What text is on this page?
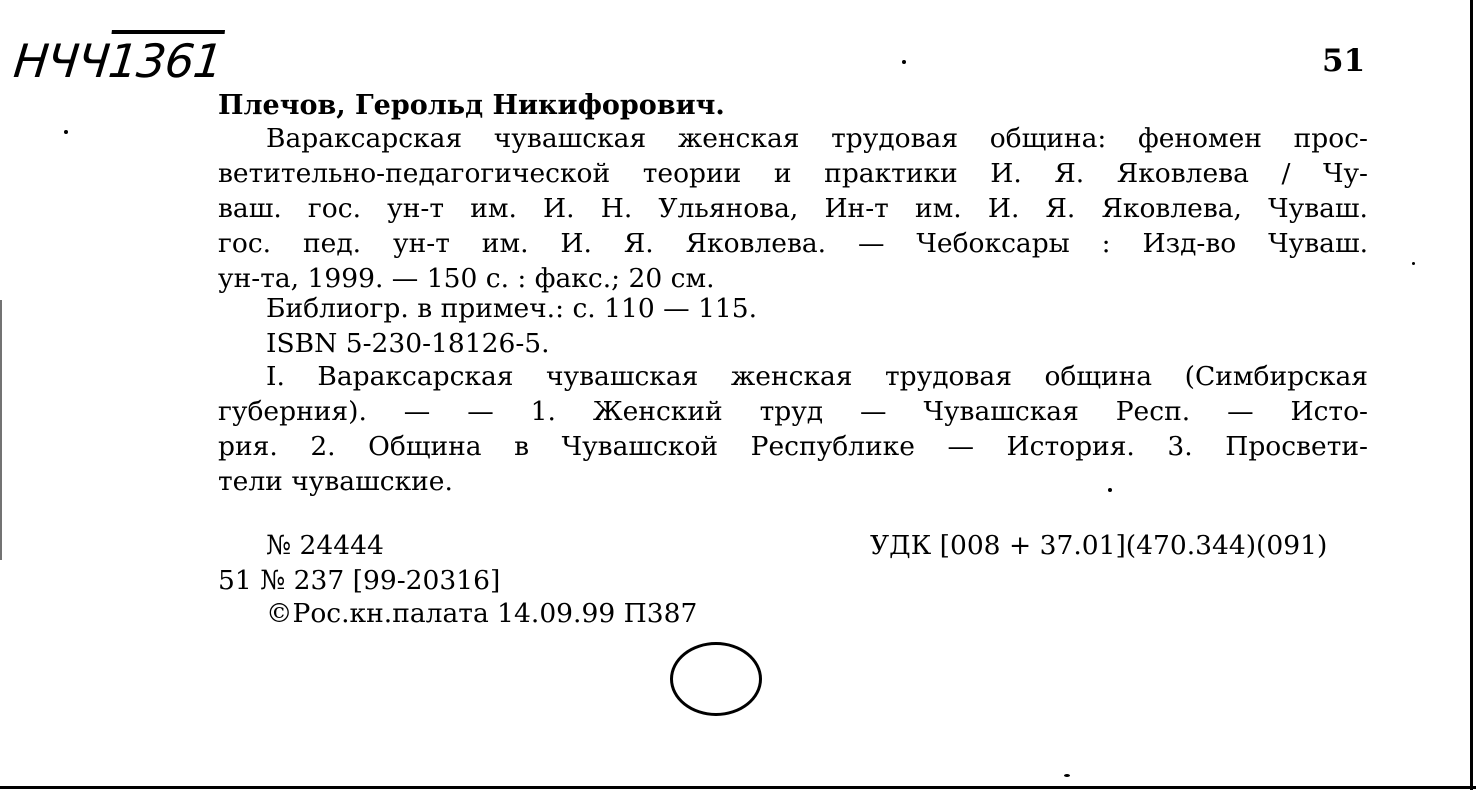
НЧЧ1361	51
Плечов, Герольд Никифорович.
Вараксарская чувашская женская трудовая община: феномен прос-
ветительно-педагогической теории и практики И. Я. Яковлева / Чу-
ваш. гос. ун-т им. И. Н. Ульянова, Ин-т им. И. Я. Яковлева, Чуваш.
гос. пед. ун-т им. И. Я. Яковлева. — Чебоксары : Изд-во Чуваш.
ун-та, 1999. — 150 с. : факс.; 20 см.
Библиогр. в примеч.: с. 110 — 115.
ISBN 5-230-18126-5.
I. Вараксарская чувашская женская трудовая община (Симбирская
губерния). — — 1. Женский труд — Чувашская Респ. — Исто-
рия. 2. Община в Чувашской Республике — История. 3. Просвети-
тели чувашские.
№ 24444	УДК [008 + 37.01](470.344)(091)
51 № 237 [99-20316]
©Рос.кн.палата 14.09.99 П387
